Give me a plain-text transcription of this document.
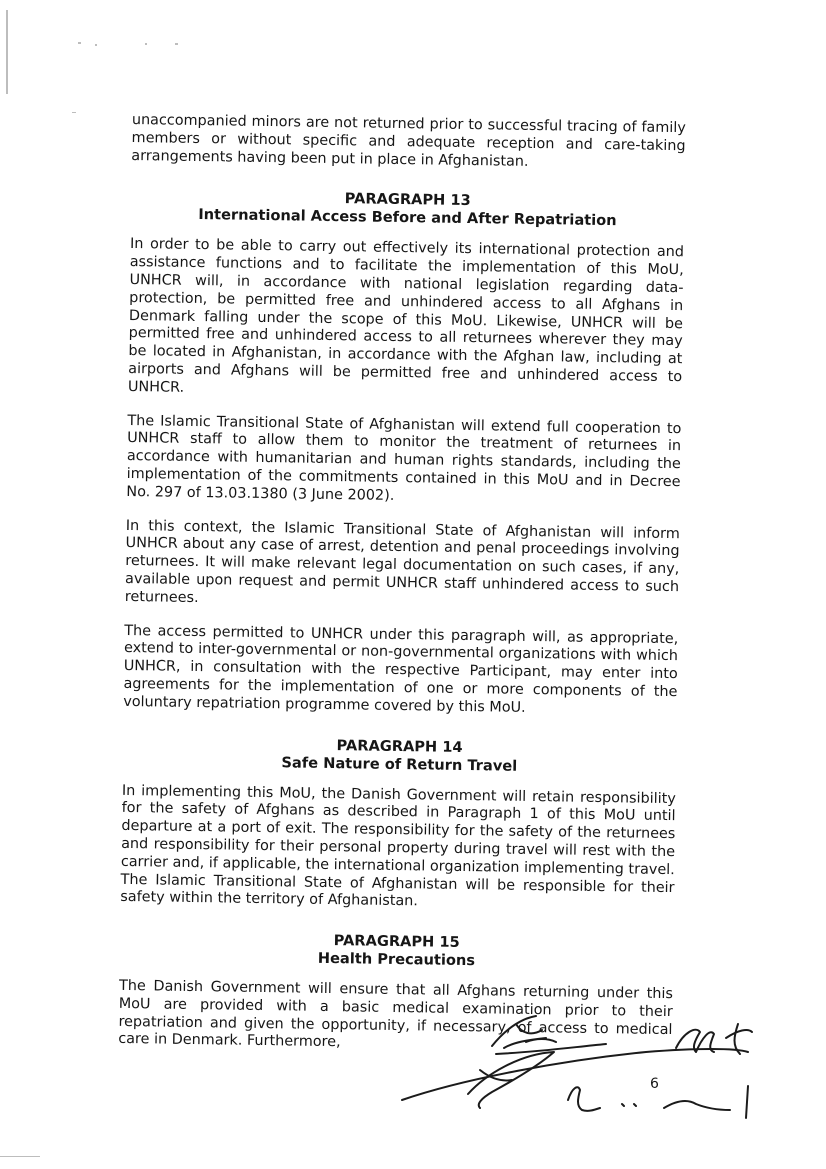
unaccompanied minors are not returned prior to successful tracing of family members or without specific and adequate reception and care-taking arrangements having been put in place in Afghanistan.

PARAGRAPH 13
International Access Before and After Repatriation

In order to be able to carry out effectively its international protection and assistance functions and to facilitate the implementation of this MoU, UNHCR will, in accordance with national legislation regarding data-protection, be permitted free and unhindered access to all Afghans in Denmark falling under the scope of this MoU. Likewise, UNHCR will be permitted free and unhindered access to all returnees wherever they may be located in Afghanistan, in accordance with the Afghan law, including at airports and Afghans will be permitted free and unhindered access to UNHCR.

The Islamic Transitional State of Afghanistan will extend full cooperation to UNHCR staff to allow them to monitor the treatment of returnees in accordance with humanitarian and human rights standards, including the implementation of the commitments contained in this MoU and in Decree No. 297 of 13.03.1380 (3 June 2002).

In this context, the Islamic Transitional State of Afghanistan will inform UNHCR about any case of arrest, detention and penal proceedings involving returnees. It will make relevant legal documentation on such cases, if any, available upon request and permit UNHCR staff unhindered access to such returnees.

The access permitted to UNHCR under this paragraph will, as appropriate, extend to inter-governmental or non-governmental organizations with which UNHCR, in consultation with the respective Participant, may enter into agreements for the implementation of one or more components of the voluntary repatriation programme covered by this MoU.

PARAGRAPH 14
Safe Nature of Return Travel

In implementing this MoU, the Danish Government will retain responsibility for the safety of Afghans as described in Paragraph 1 of this MoU until departure at a port of exit. The responsibility for the safety of the returnees and responsibility for their personal property during travel will rest with the carrier and, if applicable, the international organization implementing travel. The Islamic Transitional State of Afghanistan will be responsible for their safety within the territory of Afghanistan.

PARAGRAPH 15
Health Precautions

The Danish Government will ensure that all Afghans returning under this MoU are provided with a basic medical examination prior to their repatriation and given the opportunity, if necessary, of access to medical care in Denmark. Furthermore,

6
